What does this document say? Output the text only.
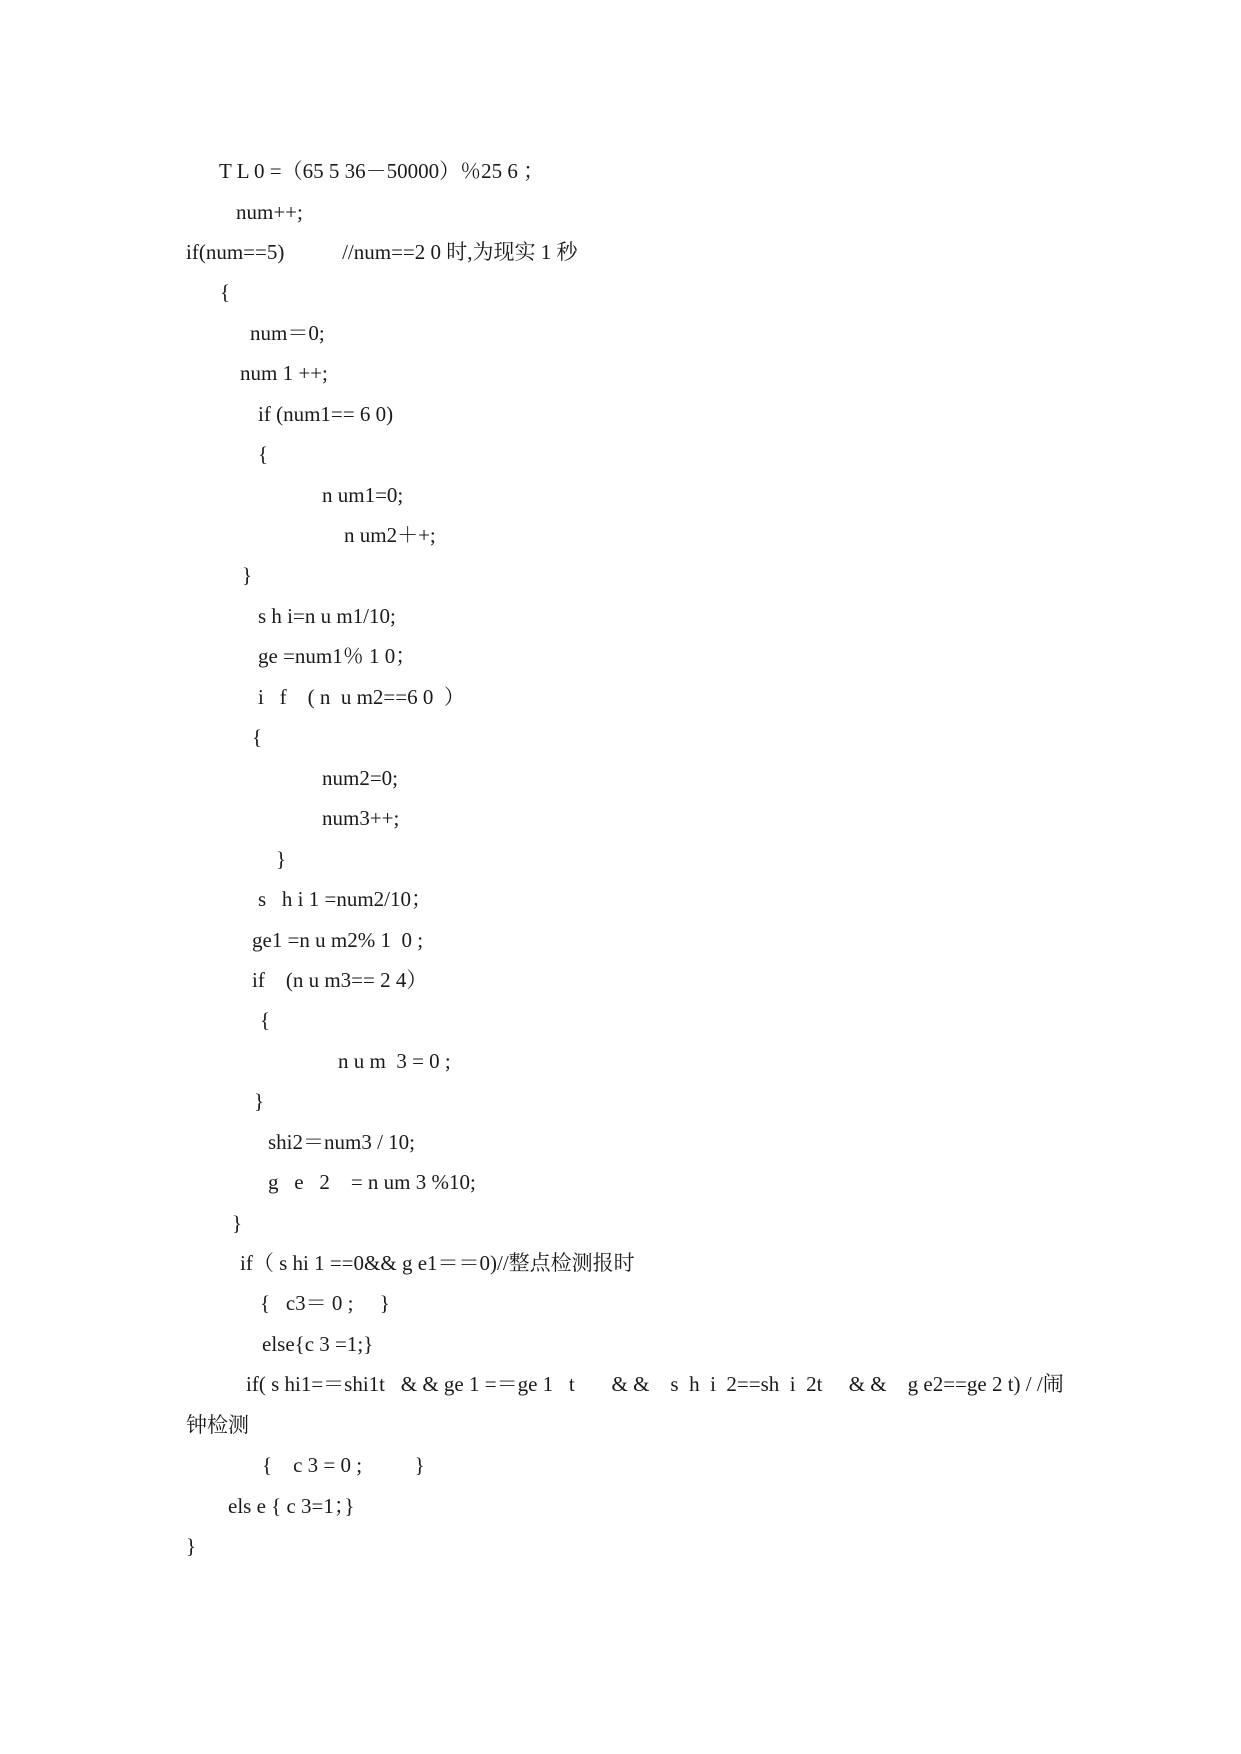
T L 0 =（65 5 36－50000）％25 6 ；
num++;
if(num==5)           //num==2 0 时,为现实 1 秒
{
num＝0;
num 1 ++;
if (num1== 6 0)
{
n um1=0;
n um2＋+;
}
s h i=n u m1/10;
ge =num1％ 1 0；
i   f    ( n  u m2==6 0  ）
{
num2=0;
num3++;
}
s   h i 1 =num2/10；
ge1 =n u m2% 1  0 ;
if    (n u m3== 2 4）
{
n u m  3 = 0 ;
}
shi2＝num3 / 10;
g   e   2    = n um 3 %10;
}
if（ s hi 1 ==0&& g e1＝＝0)//整点检测报时
{   c3＝ 0 ;     }
else{c 3 =1;}
if( s hi1=＝shi1t   & & ge 1 =＝ge 1   t       & &    s  h  i  2==sh  i  2t     & &    g e2==ge 2 t) / /闹
钟检测
{    c 3 = 0 ;          }
els e { c 3=1；}
}
